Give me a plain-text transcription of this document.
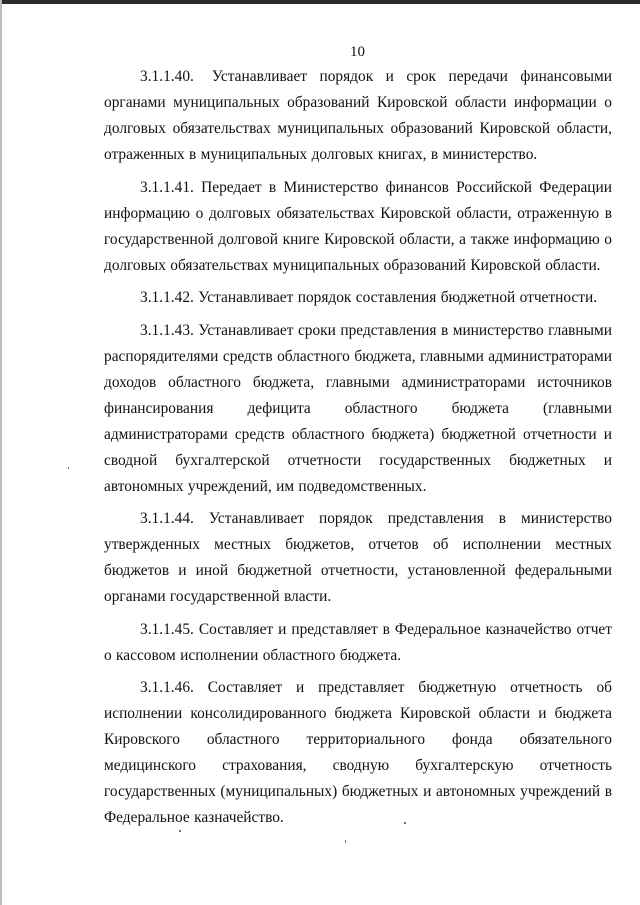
10

3.1.1.40. Устанавливает порядок и срок передачи финансовыми органами муниципальных образований Кировской области информации о долговых обязательствах муниципальных образований Кировской области, отраженных в муниципальных долговых книгах, в министерство.

3.1.1.41. Передает в Министерство финансов Российской Федерации информацию о долговых обязательствах Кировской области, отраженную в государственной долговой книге Кировской области, а также информацию о долговых обязательствах муниципальных образований Кировской области.

3.1.1.42. Устанавливает порядок составления бюджетной отчетности.

3.1.1.43. Устанавливает сроки представления в министерство главными распорядителями средств областного бюджета, главными администраторами доходов областного бюджета, главными администраторами источников финансирования дефицита областного бюджета (главными администраторами средств областного бюджета) бюджетной отчетности и сводной бухгалтерской отчетности государственных бюджетных и автономных учреждений, им подведомственных.

3.1.1.44. Устанавливает порядок представления в министерство утвержденных местных бюджетов, отчетов об исполнении местных бюджетов и иной бюджетной отчетности, установленной федеральными органами государственной власти.

3.1.1.45. Составляет и представляет в Федеральное казначейство отчет о кассовом исполнении областного бюджета.

3.1.1.46. Составляет и представляет бюджетную отчетность об исполнении консолидированного бюджета Кировской области и бюджета Кировского областного территориального фонда обязательного медицинского страхования, сводную бухгалтерскую отчетность государственных (муниципальных) бюджетных и автономных учреждений в Федеральное казначейство.
